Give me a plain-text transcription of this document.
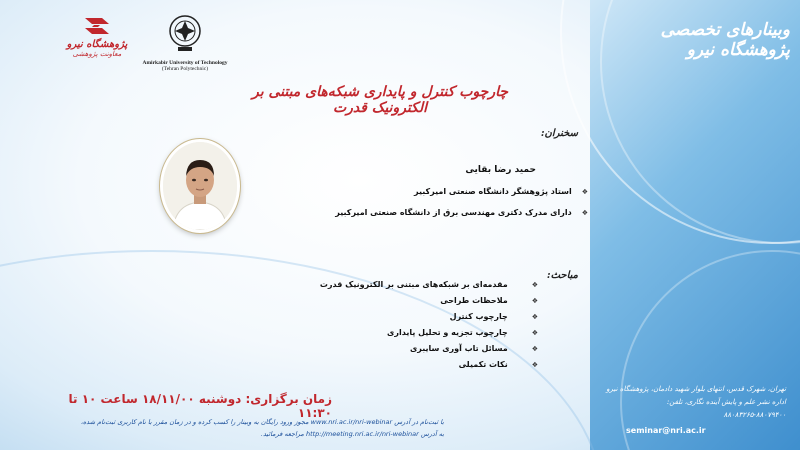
وبینارهای تخصصی پژوهشگاه نیرو
پژوهشگاه نیرو
معاونت پژوهشی
Amirkabir University of Technology
(Tehran Polytechnic)
چارچوب کنترل و پایداری شبکه‌های مبتنی بر الکترونیک قدرت
سخنران:
حمید رضا بقایی
❖ استاد پژوهشگر دانشگاه صنعتی امیرکبیر
❖ دارای مدرک دکتری مهندسی برق از دانشگاه صنعتی امیرکبیر
مباحث:
❖ مقدمه‌ای بر شبکه‌های مبتنی بر الکترونیک قدرت
❖ ملاحظات طراحی
❖ چارچوب کنترل
❖ چارچوب تجزیه و تحلیل پایداری
❖ مسائل تاب آوری سایبری
❖ نکات تکمیلی
زمان برگزاری: دوشنبه ۱۸/۱۱/۰۰ ساعت ۱۰ تا ۱۱:۳۰
با ثبت‌نام در آدرس www.nri.ac.ir/nri-webinar مجوز ورود رایگان به وبینار را کسب کرده و در زمان مقرر با نام کاربری ثبت‌نام شده،
به آدرس http://meeting.nri.ac.ir/nri-webinar مراجعه فرمائید.
تهران، شهرک قدس، انتهای بلوار شهید دادمان، پژوهشگاه نیرو
اداره نشر علم و پایش آینده نگاری، تلفن: ۸۸۰۷۹۴۰۰-۸۸۰۸۳۲۶۵
seminar@nri.ac.ir
